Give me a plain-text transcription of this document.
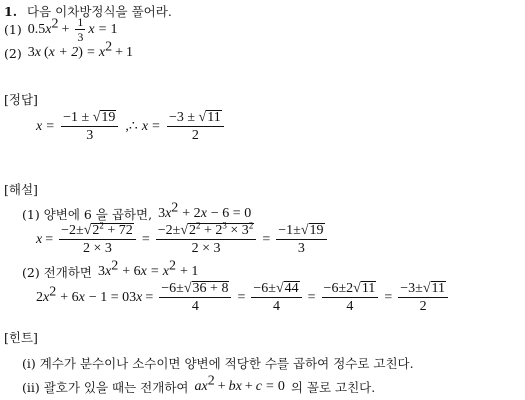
1. 다음 이차방정식을 풀어라.
(1) 0.5 $x^2 + \frac{1}{3}$ x = 1
(2) 3 x ( x + 2 ) = $x^2 + 1$
[정답]
$x = \frac{-1 \pm √ 19}{3}$ ,∴ $x = \frac{-3 \pm √ 11}{2}$
[해설]
(1) 양변에 6 을 곱하면, 3 $x^2 + 2$ x − 6 = 0
$x = \frac{-2\pm √ 2^2 + 72}{2 \times 3} = \frac{-2\pm √ 2^2 + 2^3 \times 3^2}{2 \times 3} = \frac{-1\pm √ 19}{3}$
(2) 전개하면 3 $x^2 + 6$ $x = x^2 + 1$
2 $x^2 + 6$ x − 1 = 0 3 $x = \frac{-6\pm √ 36 + 8}{4} = \frac{-6\pm √ 44}{4} = \frac{-6\pm 2 √ 11}{4} = \frac{-3\pm √ 11}{2}$
[힌트]
(i) 계수가 분수이나 소수이면 양변에 적당한 수를 곱하여 정수로 고친다.
(ii) 괄호가 있을 때는 전개하여 $ax^2$ + bx + c = 0 의 꼴로 고친다.
